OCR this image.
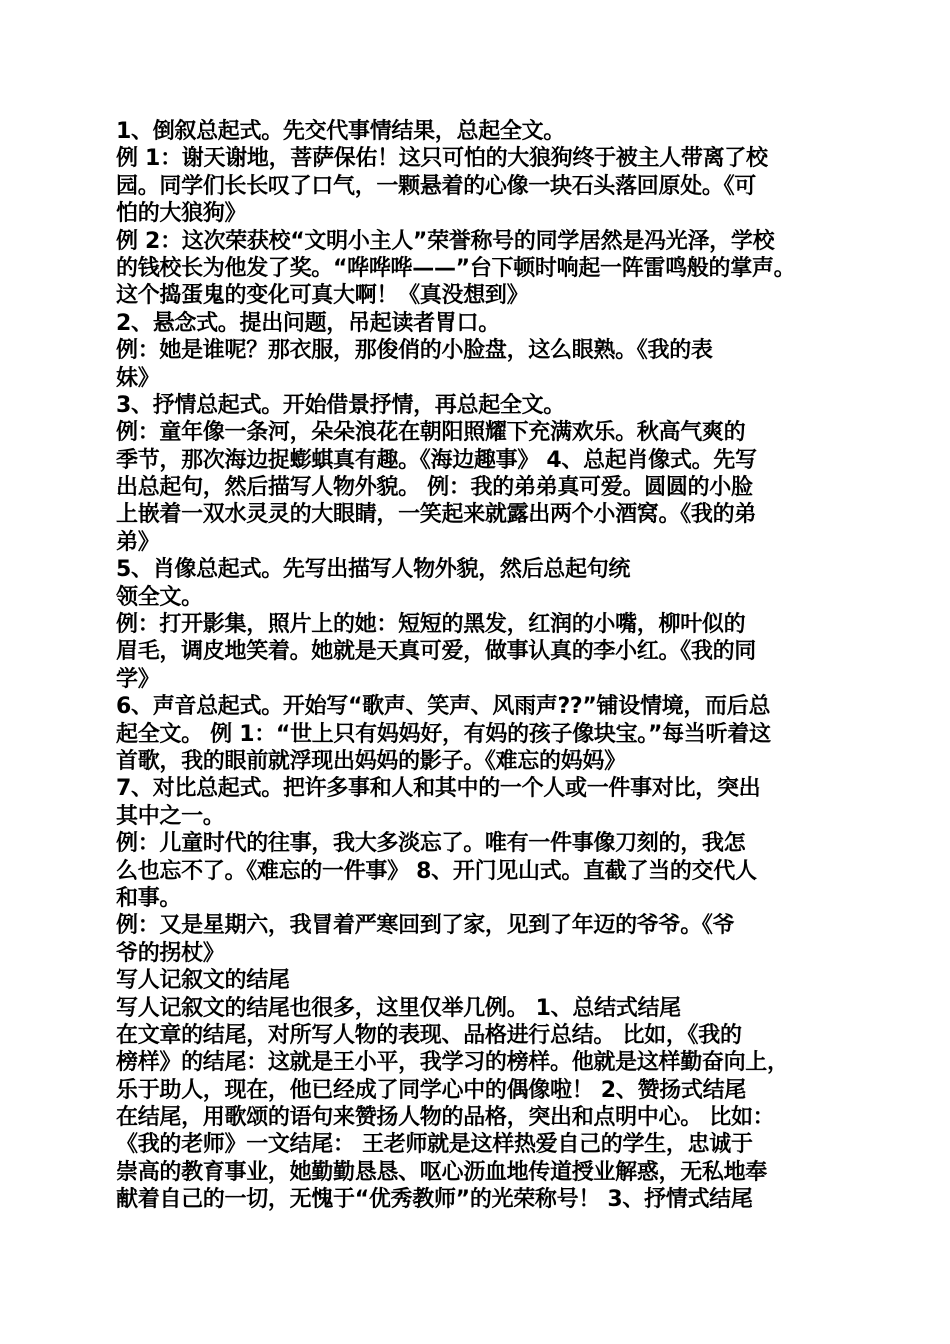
1、倒叙总起式。先交代事情结果，总起全文。
例 1：谢天谢地，菩萨保佑！这只可怕的大狼狗终于被主人带离了校
园。同学们长长叹了口气，一颗悬着的心像一块石头落回原处。《可
怕的大狼狗》
例 2：这次荣获校“文明小主人”荣誉称号的同学居然是冯光泽，学校
的钱校长为他发了奖。“哗哗哗——”台下顿时响起一阵雷鸣般的掌声。
这个捣蛋鬼的变化可真大啊！《真没想到》
2、悬念式。提出问题，吊起读者胃口。
例：她是谁呢？那衣服，那俊俏的小脸盘，这么眼熟。《我的表
妹》
3、抒情总起式。开始借景抒情，再总起全文。
例：童年像一条河，朵朵浪花在朝阳照耀下充满欢乐。秋高气爽的
季节，那次海边捉蟛蜞真有趣。《海边趣事》 4、总起肖像式。先写
出总起句，然后描写人物外貌。 例：我的弟弟真可爱。圆圆的小脸
上嵌着一双水灵灵的大眼睛，一笑起来就露出两个小酒窝。《我的弟
弟》
5、肖像总起式。先写出描写人物外貌，然后总起句统
领全文。
例：打开影集，照片上的她：短短的黑发，红润的小嘴，柳叶似的
眉毛，调皮地笑着。她就是天真可爱，做事认真的李小红。《我的同
学》
6、声音总起式。开始写“歌声、笑声、风雨声??”铺设情境，而后总
起全文。 例 1：“世上只有妈妈好，有妈的孩子像块宝。”每当听着这
首歌，我的眼前就浮现出妈妈的影子。《难忘的妈妈》
7、对比总起式。把许多事和人和其中的一个人或一件事对比，突出
其中之一。
例：儿童时代的往事，我大多淡忘了。唯有一件事像刀刻的，我怎
么也忘不了。《难忘的一件事》 8、开门见山式。直截了当的交代人
和事。
例：又是星期六，我冒着严寒回到了家，见到了年迈的爷爷。《爷
爷的拐杖》
写人记叙文的结尾
写人记叙文的结尾也很多，这里仅举几例。 1、总结式结尾
在文章的结尾，对所写人物的表现、品格进行总结。 比如，《我的
榜样》的结尾：这就是王小平，我学习的榜样。他就是这样勤奋向上，
乐于助人，现在，他已经成了同学心中的偶像啦！ 2、赞扬式结尾
在结尾，用歌颂的语句来赞扬人物的品格，突出和点明中心。 比如：
《我的老师》一文结尾： 王老师就是这样热爱自己的学生，忠诚于
崇高的教育事业，她勤勤恳恳、呕心沥血地传道授业解惑，无私地奉
献着自己的一切，无愧于“优秀教师”的光荣称号！ 3、抒情式结尾
